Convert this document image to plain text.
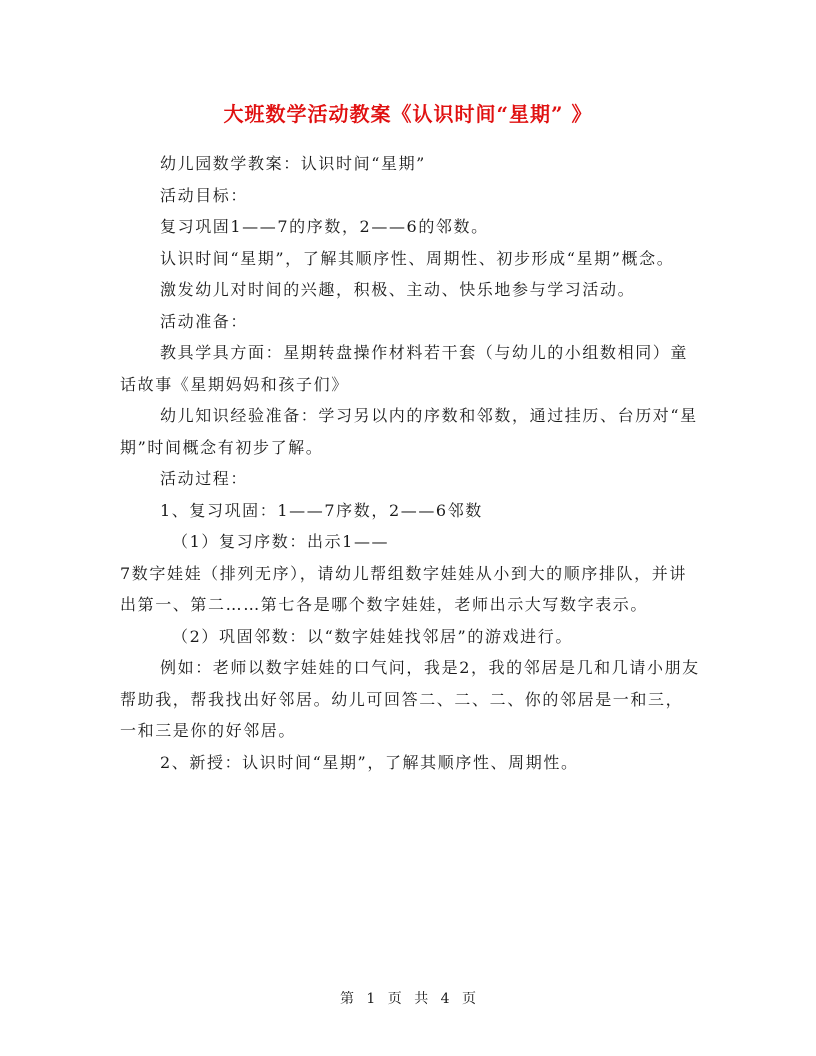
大班数学活动教案《认识时间“星期” 》

幼儿园数学教案：认识时间“星期”

活动目标：

复习巩固1——7的序数，2——6的邻数。

认识时间“星期”，了解其顺序性、周期性、初步形成“星期”概念。

激发幼儿对时间的兴趣，积极、主动、快乐地参与学习活动。

活动准备：

教具学具方面：星期转盘操作材料若干套（与幼儿的小组数相同）童话故事《星期妈妈和孩子们》

幼儿知识经验准备：学习另以内的序数和邻数，通过挂历、台历对“星期”时间概念有初步了解。

活动过程：

1、复习巩固：1——7序数，2——6邻数

（1）复习序数：出示1——

7数字娃娃（排列无序），请幼儿帮组数字娃娃从小到大的顺序排队，并讲出第一、第二……第七各是哪个数字娃娃，老师出示大写数字表示。

（2）巩固邻数：以“数字娃娃找邻居”的游戏进行。

例如：老师以数字娃娃的口气问，我是2，我的邻居是几和几请小朋友帮助我，帮我找出好邻居。幼儿可回答二、二、二、你的邻居是一和三，一和三是你的好邻居。

2、新授：认识时间“星期”，了解其顺序性、周期性。

第 1 页 共 4 页
